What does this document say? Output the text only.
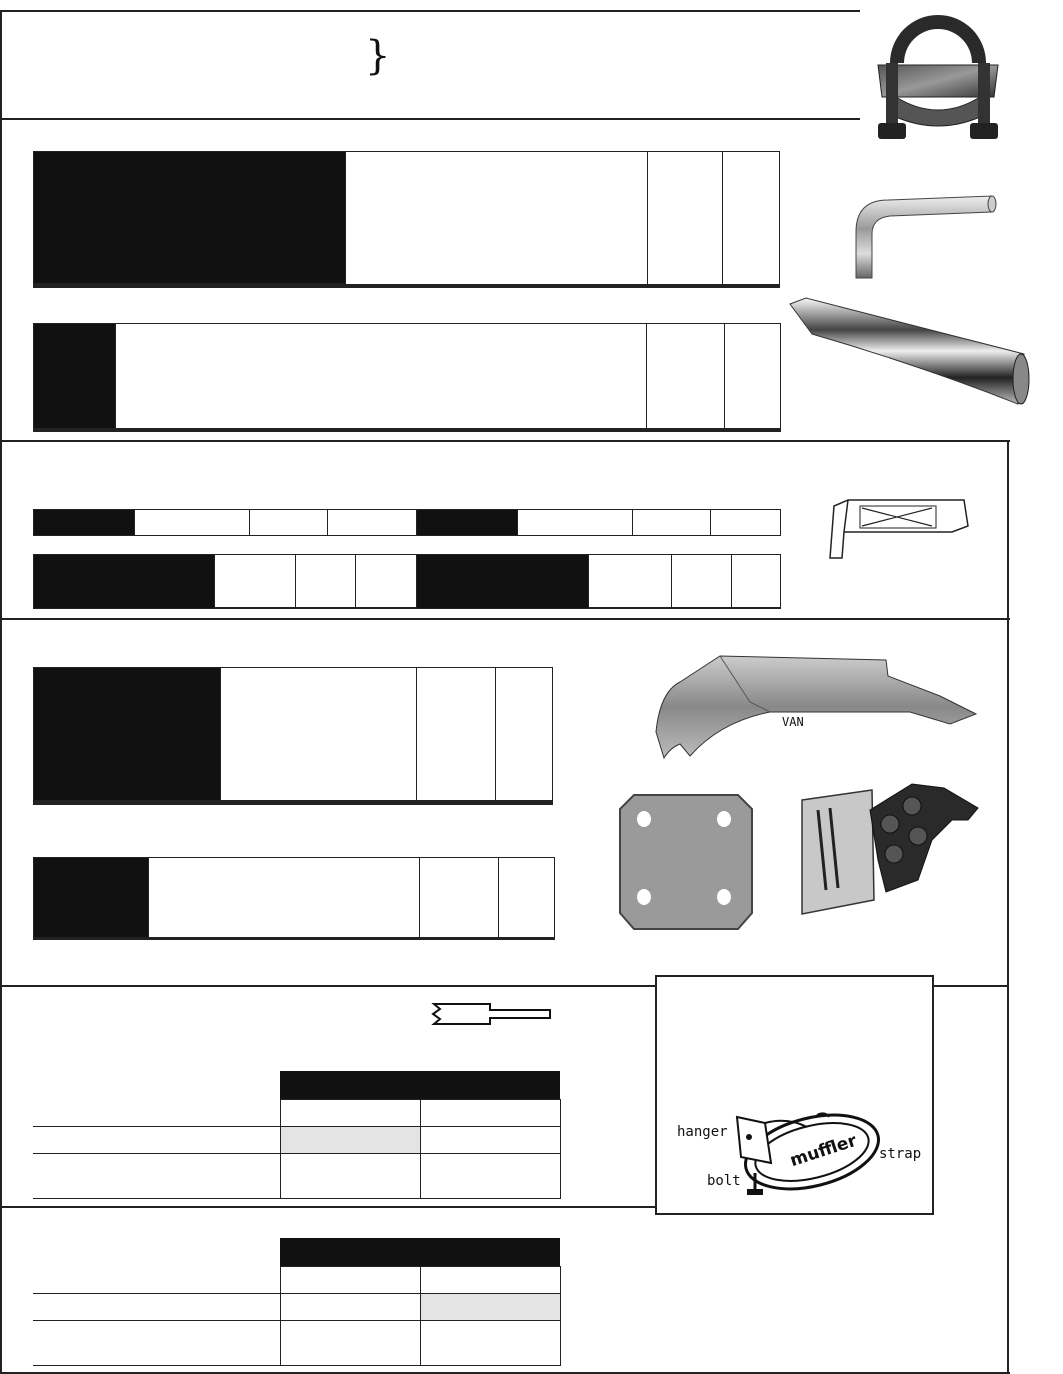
}

VAN
hanger
strap
bolt
muffler
